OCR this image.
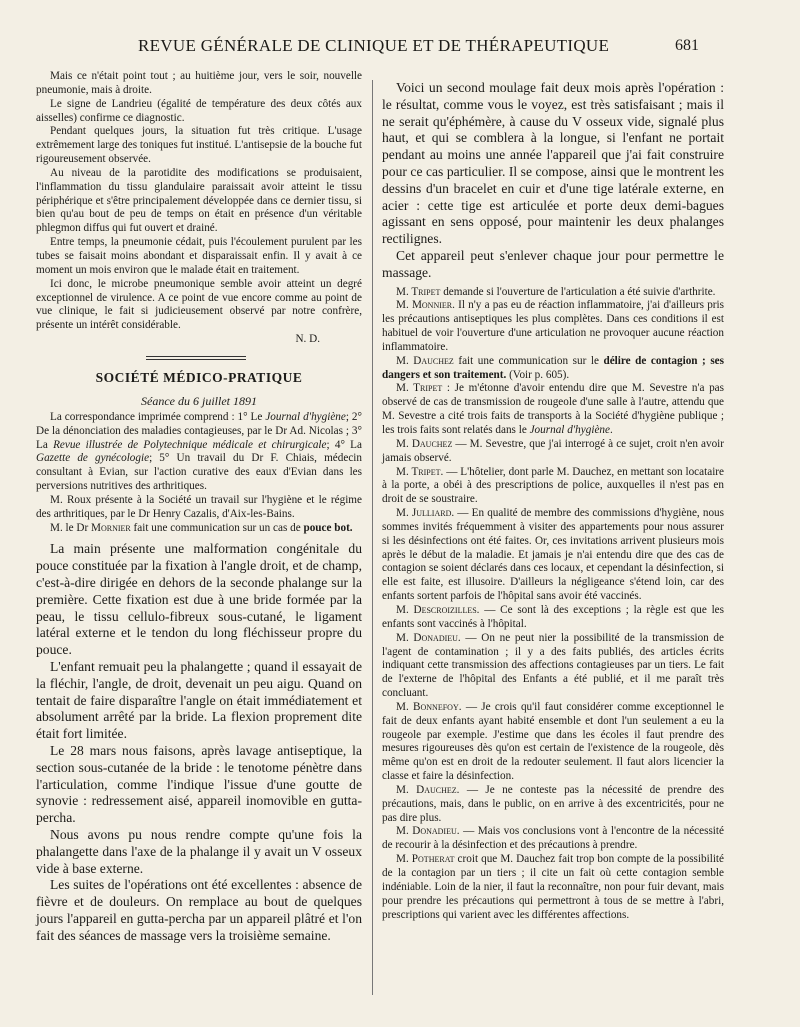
REVUE GÉNÉRALE DE CLINIQUE ET DE THÉRAPEUTIQUE	681

Mais ce n'était point tout ; au huitième jour, vers le soir, nouvelle pneumonie, mais à droite.

Le signe de Landrieu (égalité de température des deux côtés aux aisselles) confirme ce diagnostic.

Pendant quelques jours, la situation fut très critique. L'usage extrêmement large des toniques fut institué. L'antisepsie de la bouche fut rigoureusement observée.

Au niveau de la parotidite des modifications se produisaient, l'inflammation du tissu glandulaire paraissait avoir atteint le tissu périphérique et s'être principalement développée dans ce dernier tissu, si bien qu'au bout de peu de temps on était en présence d'un véritable phlegmon diffus qui fut ouvert et drainé.

Entre temps, la pneumonie cédait, puis l'écoulement purulent par les tubes se faisait moins abondant et disparaissait enfin. Il y avait à ce moment un mois environ que le malade était en traitement.

Ici donc, le microbe pneumonique semble avoir atteint un degré exceptionnel de virulence. A ce point de vue encore comme au point de vue clinique, le fait si judicieusement observé par notre confrère, présente un intérêt considérable.

N. D.

SOCIÉTÉ MÉDICO-PRATIQUE
Séance du 6 juillet 1891

La correspondance imprimée comprend : 1° Le Journal d'hygiène; 2° De la dénonciation des maladies contagieuses, par le Dr Ad. Nicolas ; 3° La Revue illustrée de Polytechnique médicale et chirurgicale; 4° La Gazette de gynécologie; 5° Un travail du Dr F. Chiais, médecin consultant à Evian, sur l'action curative des eaux d'Evian dans les perversions nutritives des arthritiques.

M. Roux présente à la Société un travail sur l'hygiène et le régime des arthritiques, par le Dr Henry Cazalis, d'Aix-les-Bains.

M. le Dr Mornier fait une communication sur un cas de pouce bot.

La main présente une malformation congénitale du pouce constituée par la fixation à l'angle droit, et de champ, c'est-à-dire dirigée en dehors de la seconde phalange sur la première. Cette fixation est due à une bride formée par la peau, le tissu cellulo-fibreux sous-cutané, le ligament latéral externe et le tendon du long fléchisseur propre du pouce.

L'enfant remuait peu la phalangette ; quand il essayait de la fléchir, l'angle, de droit, devenait un peu aigu. Quand on tentait de faire disparaître l'angle on était immédiatement et absolument arrêté par la bride. La flexion proprement dite était fort limitée.

Le 28 mars nous faisons, après lavage antiseptique, la section sous-cutanée de la bride : le tenotome pénètre dans l'articulation, comme l'indique l'issue d'une goutte de synovie : redressement aisé, appareil inomovible en gutta-percha.

Nous avons pu nous rendre compte qu'une fois la phalangette dans l'axe de la phalange il y avait un V osseux vide à base externe.

Les suites de l'opérations ont été excellentes : absence de fièvre et de douleurs. On remplace au bout de quelques jours l'appareil en gutta-percha par un appareil plâtré et l'on fait des séances de massage vers la troisième semaine.

Voici un second moulage fait deux mois après l'opération : le résultat, comme vous le voyez, est très satisfaisant ; mais il ne serait qu'éphémère, à cause du V osseux vide, signalé plus haut, et qui se comblera à la longue, si l'enfant ne portait pendant au moins une année l'appareil que j'ai fait construire pour ce cas particulier. Il se compose, ainsi que le montrent les dessins d'un bracelet en cuir et d'une tige latérale externe, en acier : cette tige est articulée et porte deux demi-bagues agissant en sens opposé, pour maintenir les deux phalanges rectilignes.

Cet appareil peut s'enlever chaque jour pour permettre le massage.

M. Tripet demande si l'ouverture de l'articulation a été suivie d'arthrite.

M. Monnier. Il n'y a pas eu de réaction inflammatoire, j'ai d'ailleurs pris les précautions antiseptiques les plus complètes. Dans ces conditions il est habituel de voir l'ouverture d'une articulation ne provoquer aucune réaction inflammatoire.

M. Dauchez fait une communication sur le délire de contagion ; ses dangers et son traitement. (Voir p. 605).

M. Tripet : Je m'étonne d'avoir entendu dire que M. Sevestre n'a pas observé de cas de transmission de rougeole d'une salle à l'autre, attendu que M. Sevestre a cité trois faits de transports à la Société d'hygiène publique ; les trois faits sont relatés dans le Journal d'hygiène.

M. Dauchez — M. Sevestre, que j'ai interrogé à ce sujet, croit n'en avoir jamais observé.

M. Tripet. — L'hôtelier, dont parle M. Dauchez, en mettant son locataire à la porte, a obéi à des prescriptions de police, auxquelles il n'est pas en droit de se soustraire.

M. Julliard. — En qualité de membre des commissions d'hygiène, nous sommes invités fréquemment à visiter des appartements pour nous assurer si les désinfections ont été faites. Or, ces invitations arrivent plusieurs mois après le début de la maladie. Et jamais je n'ai entendu dire que des cas de contagion se soient déclarés dans ces locaux, et cependant la désinfection, si elle est faite, est illusoire. D'ailleurs la négligeance s'étend loin, car des enfants sortent parfois de l'hôpital sans avoir été vaccinés.

M. Descroizilles. — Ce sont là des exceptions ; la règle est que les enfants sont vaccinés à l'hôpital.

M. Donadieu. — On ne peut nier la possibilité de la transmission de l'agent de contamination ; il y a des faits publiés, des articles écrits indiquant cette transmission des affections contagieuses par un tiers. Le fait de l'externe de l'hôpital des Enfants a été publié, et il me paraît très concluant.

M. Bonnefoy. — Je crois qu'il faut considérer comme exceptionnel le fait de deux enfants ayant habité ensemble et dont l'un seulement a eu la rougeole par exemple. J'estime que dans les écoles il faut prendre des mesures rigoureuses dès qu'on est certain de l'existence de la rougeole, dès même qu'on est en droit de la redouter seulement. Il faut alors licencier la classe et faire la désinfection.

M. Dauchez. — Je ne conteste pas la nécessité de prendre des précautions, mais, dans le public, on en arrive à des excentricités, pour ne pas dire plus.

M. Donadieu. — Mais vos conclusions vont à l'encontre de la nécessité de recourir à la désinfection et des précautions à prendre.

M. Potherat croit que M. Dauchez fait trop bon compte de la possibilité de la contagion par un tiers ; il cite un fait où cette contagion semble indéniable. Loin de la nier, il faut la reconnaître, non pour fuir devant, mais pour prendre les précautions qui permettront à tous de se mettre à l'abri, prescriptions qui varient avec les différentes affections.
